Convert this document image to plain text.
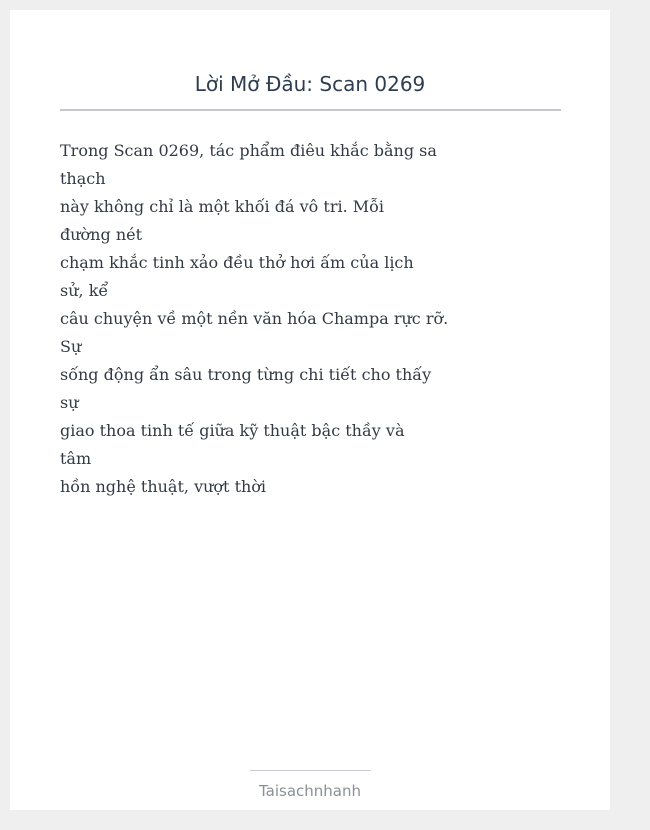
Lời Mở Đầu: Scan 0269
Trong Scan 0269, tác phẩm điêu khắc bằng sa
thạch
này không chỉ là một khối đá vô tri. Mỗi
đường nét
chạm khắc tinh xảo đều thở hơi ấm của lịch
sử, kể
câu chuyện về một nền văn hóa Champa rực rỡ.
Sự
sống động ẩn sâu trong từng chi tiết cho thấy
sự
giao thoa tinh tế giữa kỹ thuật bậc thầy và
tâm
hồn nghệ thuật, vượt thời
Taisachnhanh
